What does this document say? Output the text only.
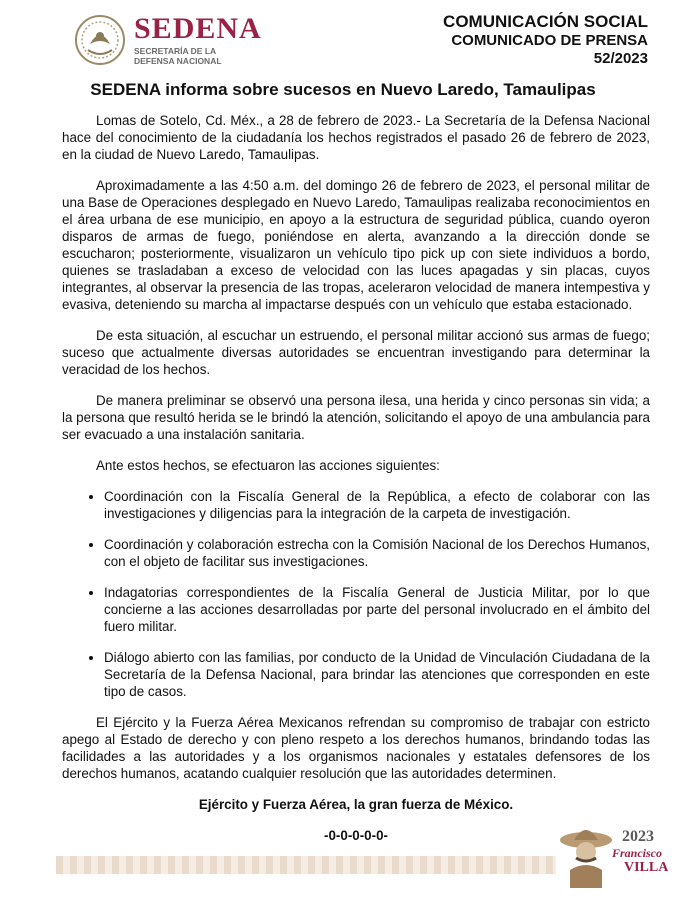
SEDENA
SECRETARÍA DE LA
DEFENSA NACIONAL
COMUNICACIÓN SOCIAL
COMUNICADO DE PRENSA
52/2023
SEDENA informa sobre sucesos en Nuevo Laredo, Tamaulipas

Lomas de Sotelo, Cd. Méx., a 28 de febrero de 2023.- La Secretaría de la Defensa Nacional hace del conocimiento de la ciudadanía los hechos registrados el pasado 26 de febrero de 2023, en la ciudad de Nuevo Laredo, Tamaulipas.

Aproximadamente a las 4:50 a.m. del domingo 26 de febrero de 2023, el personal militar de una Base de Operaciones desplegado en Nuevo Laredo, Tamaulipas realizaba reconocimientos en el área urbana de ese municipio, en apoyo a la estructura de seguridad pública, cuando oyeron disparos de armas de fuego, poniéndose en alerta, avanzando a la dirección donde se escucharon; posteriormente, visualizaron un vehículo tipo pick up con siete individuos a bordo, quienes se trasladaban a exceso de velocidad con las luces apagadas y sin placas, cuyos integrantes, al observar la presencia de las tropas, aceleraron velocidad de manera intempestiva y evasiva, deteniendo su marcha al impactarse después con un vehículo que estaba estacionado.

De esta situación, al escuchar un estruendo, el personal militar accionó sus armas de fuego; suceso que actualmente diversas autoridades se encuentran investigando para determinar la veracidad de los hechos.

De manera preliminar se observó una persona ilesa, una herida y cinco personas sin vida; a la persona que resultó herida se le brindó la atención, solicitando el apoyo de una ambulancia para ser evacuado a una instalación sanitaria.

Ante estos hechos, se efectuaron las acciones siguientes:

• Coordinación con la Fiscalía General de la República, a efecto de colaborar con las investigaciones y diligencias para la integración de la carpeta de investigación.
• Coordinación y colaboración estrecha con la Comisión Nacional de los Derechos Humanos, con el objeto de facilitar sus investigaciones.
• Indagatorias correspondientes de la Fiscalía General de Justicia Militar, por lo que concierne a las acciones desarrolladas por parte del personal involucrado en el ámbito del fuero militar.
• Diálogo abierto con las familias, por conducto de la Unidad de Vinculación Ciudadana de la Secretaría de la Defensa Nacional, para brindar las atenciones que corresponden en este tipo de casos.

El Ejército y la Fuerza Aérea Mexicanos refrendan su compromiso de trabajar con estricto apego al Estado de derecho y con pleno respeto a los derechos humanos, brindando todas las facilidades a las autoridades y a los organismos nacionales y estatales defensores de los derechos humanos, acatando cualquier resolución que las autoridades determinen.

Ejército y Fuerza Aérea, la gran fuerza de México.

-0-0-0-0-0-	2023
Francisco
VILLA
